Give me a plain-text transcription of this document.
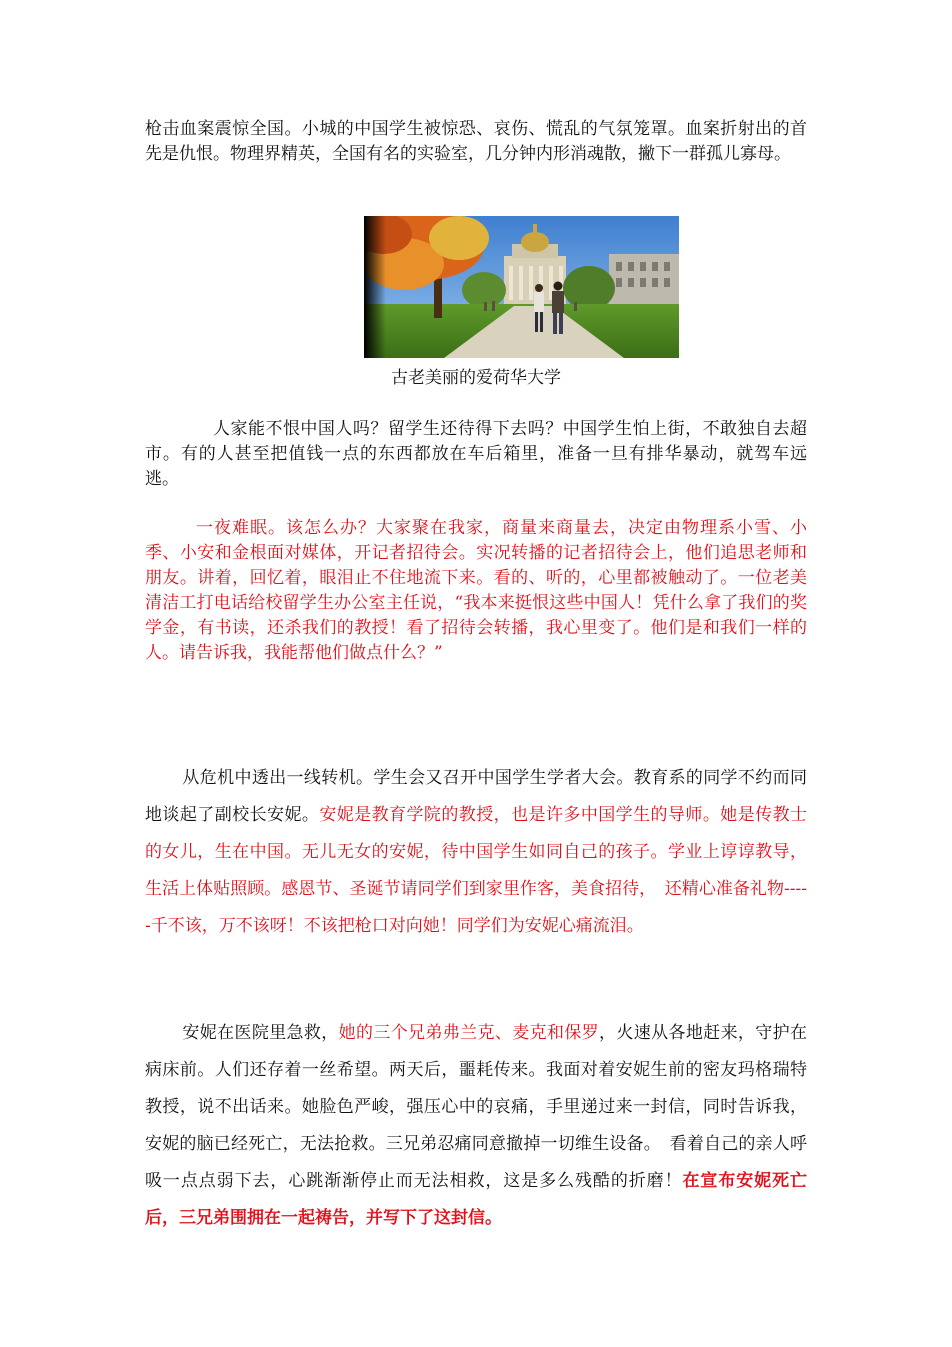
枪击血案震惊全国。小城的中国学生被惊恐、哀伤、慌乱的气氛笼罩。血案折射出的首先是仇恨。物理界精英，全国有名的实验室，几分钟内形消魂散，撇下一群孤儿寡母。

古老美丽的爱荷华大学

人家能不恨中国人吗？留学生还待得下去吗？中国学生怕上街，不敢独自去超市。有的人甚至把值钱一点的东西都放在车后箱里，准备一旦有排华暴动，就驾车远逃。

一夜难眠。该怎么办？大家聚在我家，商量来商量去，决定由物理系小雪、小季、小安和金根面对媒体，开记者招待会。实况转播的记者招待会上，他们追思老师和朋友。讲着，回忆着，眼泪止不住地流下来。看的、听的，心里都被触动了。一位老美清洁工打电话给校留学生办公室主任说，“我本来挺恨这些中国人！凭什么拿了我们的奖学金，有书读，还杀我们的教授！看了招待会转播，我心里变了。他们是和我们一样的人。请告诉我，我能帮他们做点什么？”

从危机中透出一线转机。学生会又召开中国学生学者大会。教育系的同学不约而同地谈起了副校长安妮。安妮是教育学院的教授，也是许多中国学生的导师。她是传教士的女儿，生在中国。无儿无女的安妮，待中国学生如同自己的孩子。学业上谆谆教导，生活上体贴照顾。感恩节、圣诞节请同学们到家里作客，美食招待，　还精心准备礼物-----千不该，万不该呀！不该把枪口对向她！同学们为安妮心痛流泪。

安妮在医院里急救，她的三个兄弟弗兰克、麦克和保罗，火速从各地赶来，守护在病床前。人们还存着一丝希望。两天后，噩耗传来。我面对着安妮生前的密友玛格瑞特教授，说不出话来。她脸色严峻，强压心中的哀痛，手里递过来一封信，同时告诉我，安妮的脑已经死亡，无法抢救。三兄弟忍痛同意撤掉一切维生设备。　看着自己的亲人呼吸一点点弱下去，心跳渐渐停止而无法相救，这是多么残酷的折磨！在宣布安妮死亡后，三兄弟围拥在一起祷告，并写下了这封信。
